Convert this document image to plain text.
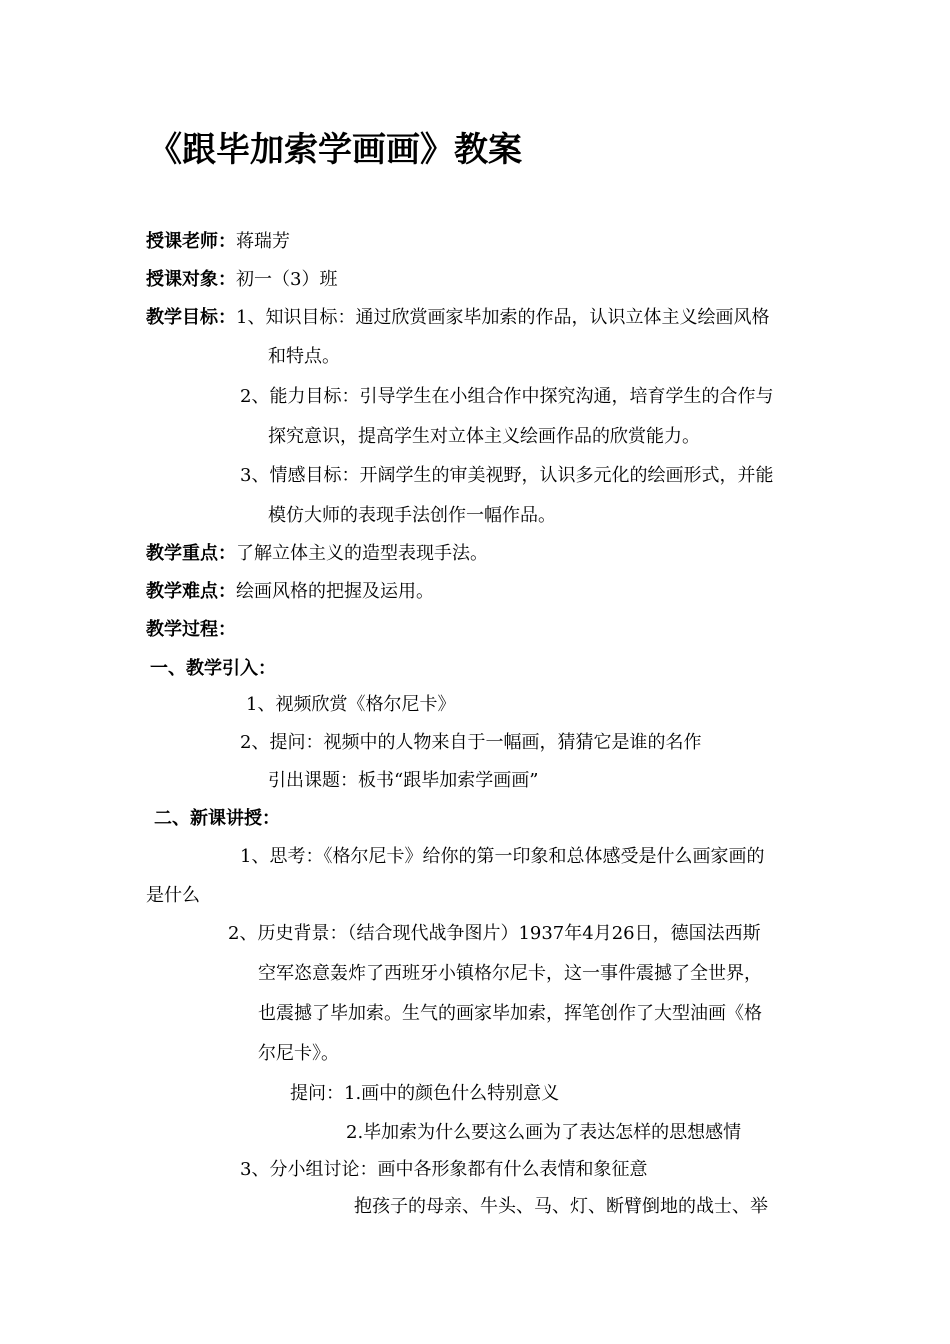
《跟毕加索学画画》教案
授课老师：蒋瑞芳
授课对象：初一（3）班
教学目标：1、知识目标：通过欣赏画家毕加索的作品，认识立体主义绘画风格
和特点。
2、能力目标：引导学生在小组合作中探究沟通，培育学生的合作与
探究意识，提高学生对立体主义绘画作品的欣赏能力。
3、情感目标：开阔学生的审美视野，认识多元化的绘画形式，并能
模仿大师的表现手法创作一幅作品。
教学重点：了解立体主义的造型表现手法。
教学难点：绘画风格的把握及运用。
教学过程：
一、教学引入：
1、视频欣赏《格尔尼卡》
2、提问：视频中的人物来自于一幅画，猜猜它是谁的名作
引出课题：板书“跟毕加索学画画”
二、新课讲授：
1、思考：《格尔尼卡》给你的第一印象和总体感受是什么画家画的
是什么
2、历史背景：（结合现代战争图片）1937年4月26日，德国法西斯
空军恣意轰炸了西班牙小镇格尔尼卡，这一事件震撼了全世界，
也震撼了毕加索。生气的画家毕加索，挥笔创作了大型油画《格
尔尼卡》。
提问：1.画中的颜色什么特别意义
2.毕加索为什么要这么画为了表达怎样的思想感情
3、分小组讨论：画中各形象都有什么表情和象征意
抱孩子的母亲、牛头、马、灯、断臂倒地的战士、举
